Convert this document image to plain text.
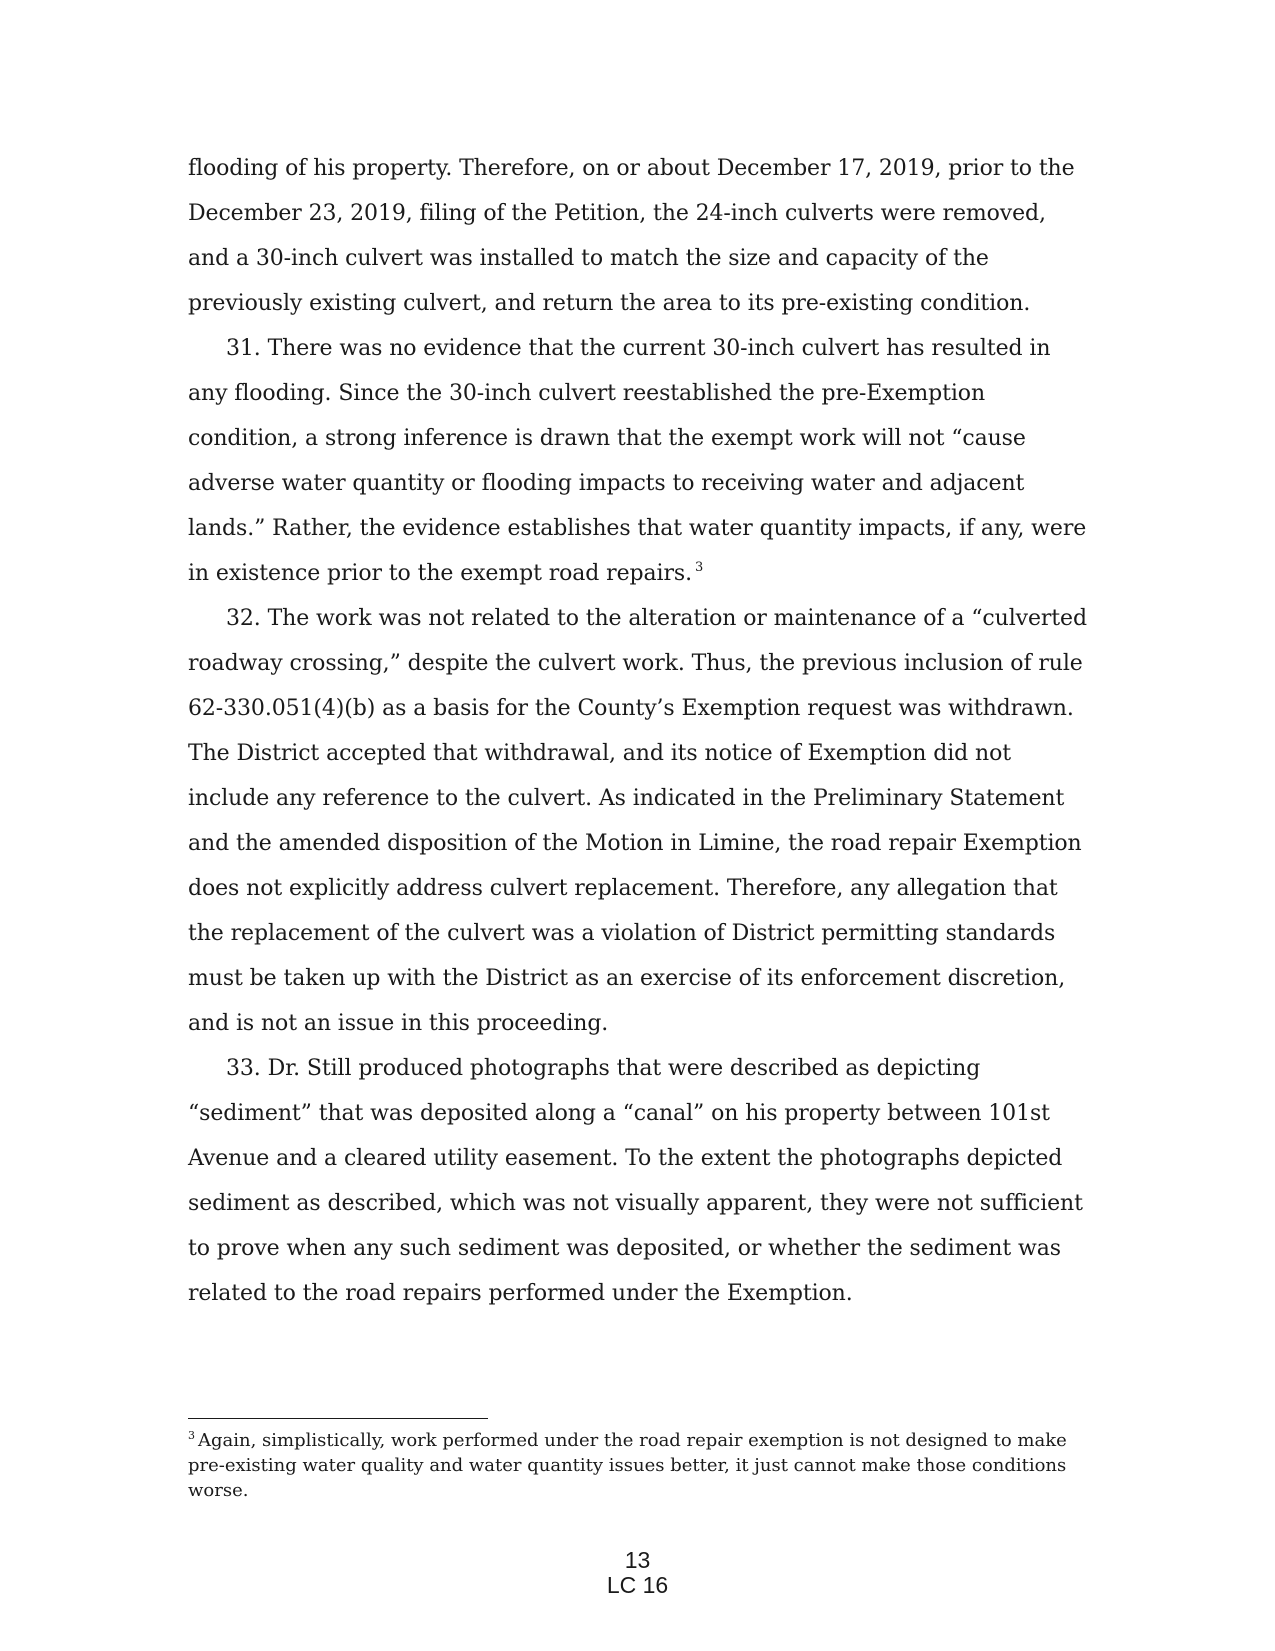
flooding of his property. Therefore, on or about December 17, 2019, prior to the December 23, 2019, filing of the Petition, the 24-inch culverts were removed, and a 30-inch culvert was installed to match the size and capacity of the previously existing culvert, and return the area to its pre-existing condition.

31. There was no evidence that the current 30-inch culvert has resulted in any flooding. Since the 30-inch culvert reestablished the pre-Exemption condition, a strong inference is drawn that the exempt work will not “cause adverse water quantity or flooding impacts to receiving water and adjacent lands.” Rather, the evidence establishes that water quantity impacts, if any, were in existence prior to the exempt road repairs. $^3$

32. The work was not related to the alteration or maintenance of a “culverted roadway crossing,” despite the culvert work. Thus, the previous inclusion of rule 62-330.051(4)(b) as a basis for the County’s Exemption request was withdrawn. The District accepted that withdrawal, and its notice of Exemption did not include any reference to the culvert. As indicated in the Preliminary Statement and the amended disposition of the Motion in Limine, the road repair Exemption does not explicitly address culvert replacement. Therefore, any allegation that the replacement of the culvert was a violation of District permitting standards must be taken up with the District as an exercise of its enforcement discretion, and is not an issue in this proceeding.

33. Dr. Still produced photographs that were described as depicting “sediment” that was deposited along a “canal” on his property between 101st Avenue and a cleared utility easement. To the extent the photographs depicted sediment as described, which was not visually apparent, they were not sufficient to prove when any such sediment was deposited, or whether the sediment was related to the road repairs performed under the Exemption.

$^3$ Again, simplistically, work performed under the road repair exemption is not designed to make pre-existing water quality and water quantity issues better, it just cannot make those conditions worse.
13
LC 16
